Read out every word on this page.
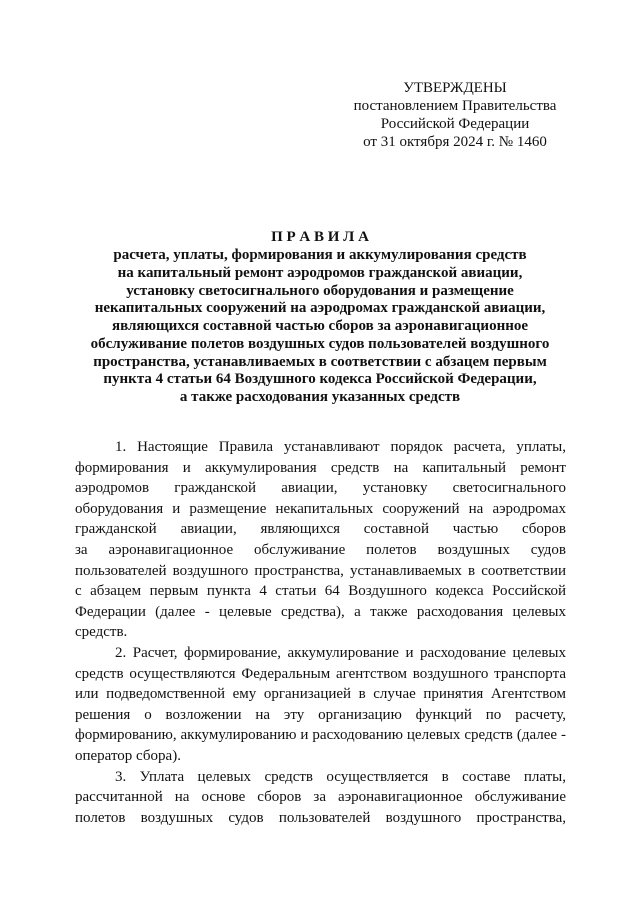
УТВЕРЖДЕНЫ
постановлением Правительства
Российской Федерации
от 31 октября 2024 г. № 1460
П Р А В И Л А
расчета, уплаты, формирования и аккумулирования средств
на капитальный ремонт аэродромов гражданской авиации,
установку светосигнального оборудования и размещение
некапитальных сооружений на аэродромах гражданской авиации,
являющихся составной частью сборов за аэронавигационное
обслуживание полетов воздушных судов пользователей воздушного
пространства, устанавливаемых в соответствии с абзацем первым
пункта 4 статьи 64 Воздушного кодекса Российской Федерации,
а также расходования указанных средств
1. Настоящие Правила устанавливают порядок расчета, уплаты,
формирования и аккумулирования средств на капитальный ремонт
аэродромов гражданской авиации, установку светосигнального
оборудования и размещение некапитальных сооружений на аэродромах
гражданской авиации, являющихся составной частью сборов
за аэронавигационное обслуживание полетов воздушных судов
пользователей воздушного пространства, устанавливаемых в соответствии
с абзацем первым пункта 4 статьи 64 Воздушного кодекса Российской
Федерации (далее - целевые средства), а также расходования целевых
средств.
2. Расчет, формирование, аккумулирование и расходование целевых
средств осуществляются Федеральным агентством воздушного транспорта
или подведомственной ему организацией в случае принятия Агентством
решения о возложении на эту организацию функций по расчету,
формированию, аккумулированию и расходованию целевых средств (далее -
оператор сбора).
3. Уплата целевых средств осуществляется в составе платы,
рассчитанной на основе сборов за аэронавигационное обслуживание
полетов воздушных судов пользователей воздушного пространства,
